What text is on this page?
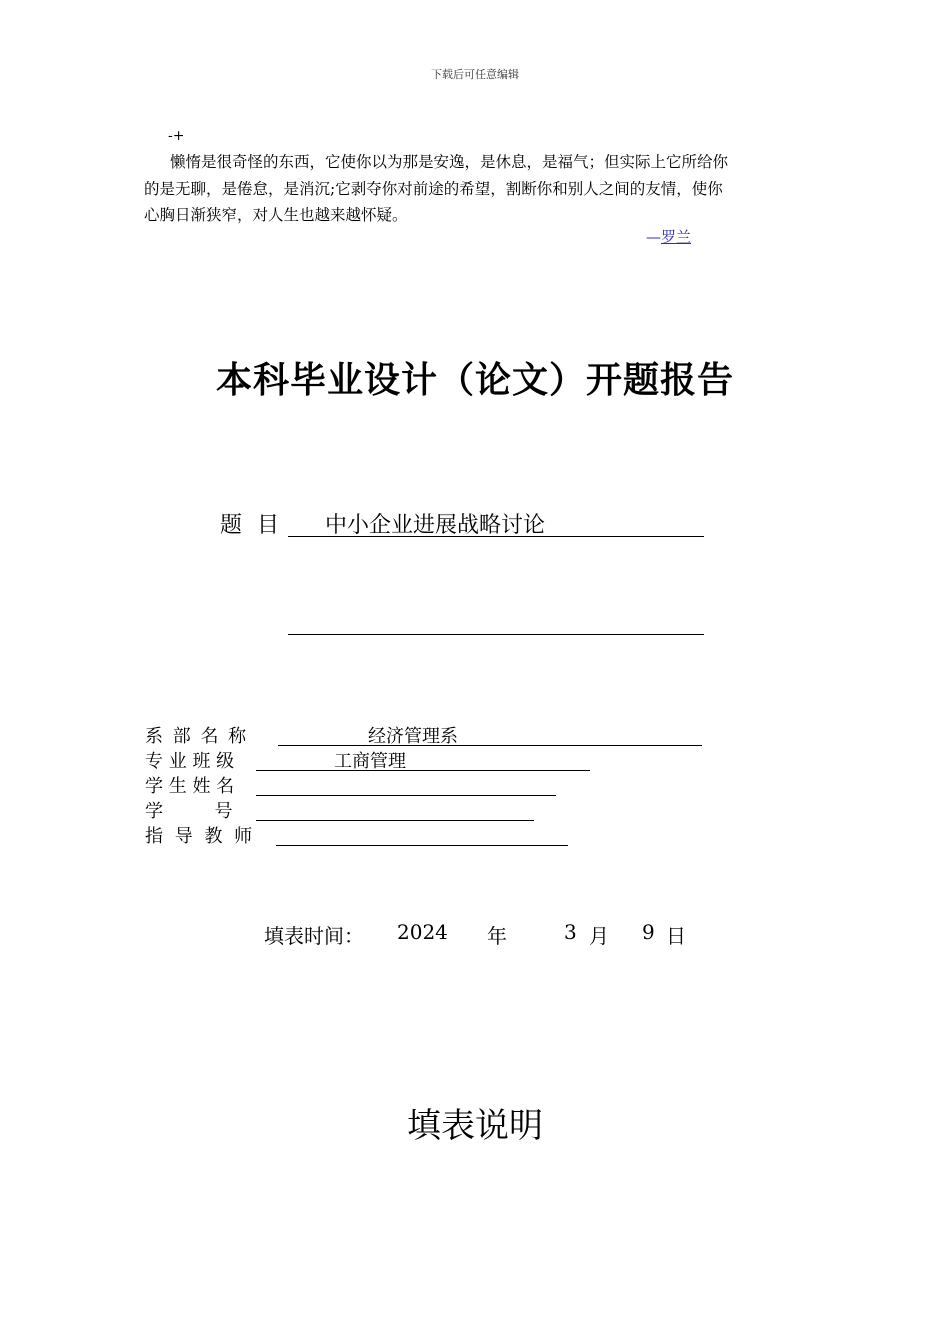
下载后可任意编辑
-+
懒惰是很奇怪的东西，它使你以为那是安逸，是休息，是福气；但实际上它所给你
的是无聊，是倦怠，是消沉;它剥夺你对前途的希望，割断你和别人之间的友情，使你
心胸日渐狭窄，对人生也越来越怀疑。
—罗兰
本科毕业设计（论文）开题报告
题 目 中小企业进展战略讨论
系 部 名 称	经济管理系
专 业 班 级	工商管理
学 生 姓 名
学         号
指 导 教 师
填表时间： 2024 年	3 月 9 日
填表说明
